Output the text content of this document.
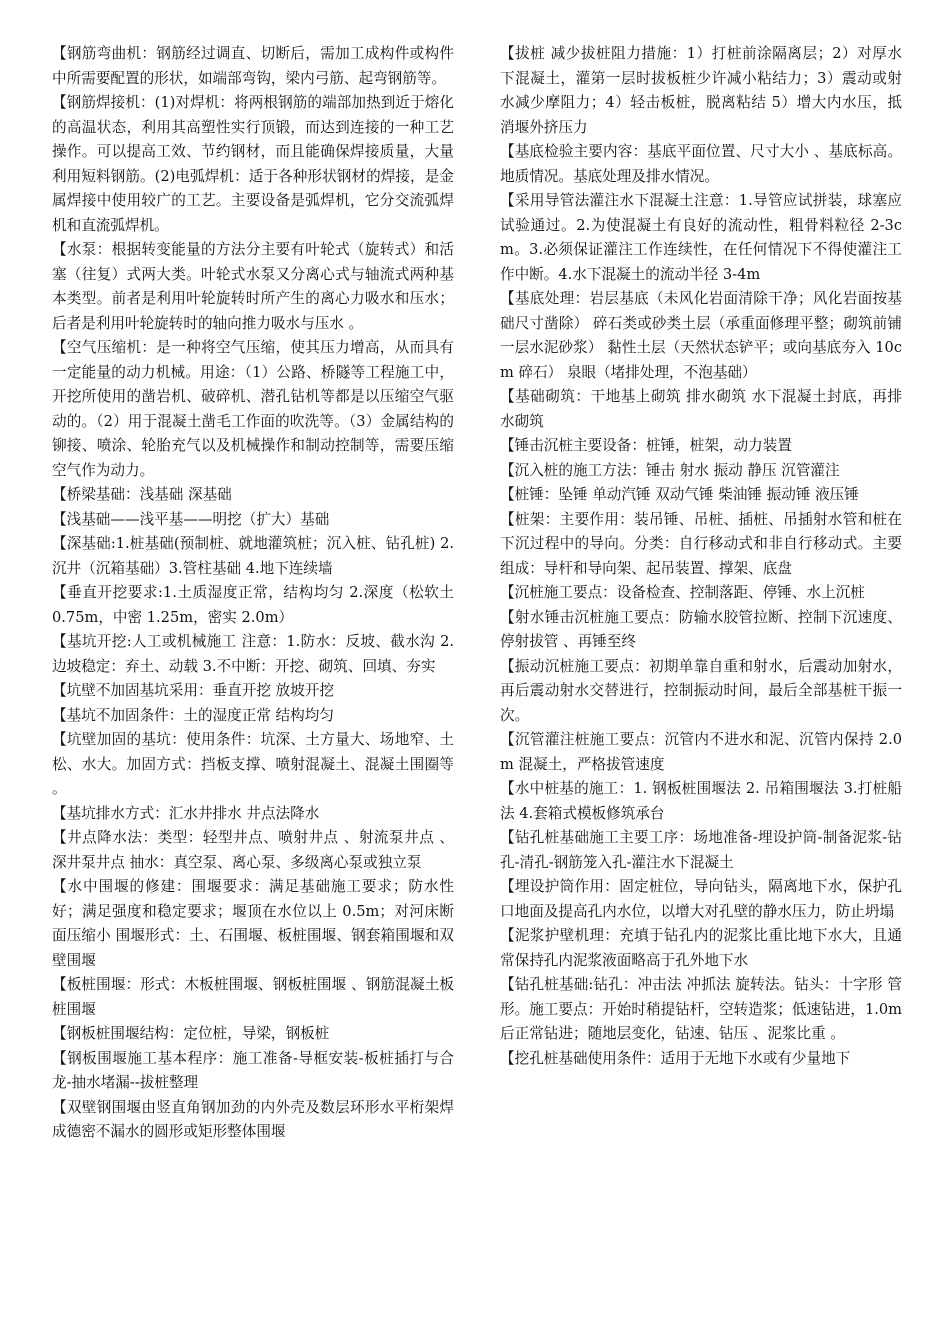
【钢筋弯曲机：钢筋经过调直、切断后，需加工成构件或构件中所需要配置的形状，如端部弯钩，梁内弓筋、起弯钢筋等。

【钢筋焊接机：(1)对焊机：将两根钢筋的端部加热到近于熔化的高温状态，利用其高塑性实行顶锻，而达到连接的一种工艺操作。可以提高工效、节约钢材，而且能确保焊接质量，大量利用短料钢筋。(2)电弧焊机：适于各种形状钢材的焊接，是金属焊接中使用较广的工艺。主要设备是弧焊机，它分交流弧焊机和直流弧焊机。

【水泵：根据转变能量的方法分主要有叶轮式（旋转式）和活塞（往复）式两大类。叶轮式水泵又分离心式与轴流式两种基本类型。前者是利用叶轮旋转时所产生的离心力吸水和压水；后者是利用叶轮旋转时的轴向推力吸水与压水 。

【空气压缩机：是一种将空气压缩，使其压力增高，从而具有一定能量的动力机械。用途：（1）公路、桥隧等工程施工中，开挖所使用的凿岩机、破碎机、潜孔钻机等都是以压缩空气驱动的。（2）用于混凝土凿毛工作面的吹洗等。（3）金属结构的铆接、喷涂、轮胎充气以及机械操作和制动控制等，需要压缩空气作为动力。

【桥梁基础：浅基础 深基础

【浅基础——浅平基——明挖（扩大）基础

【深基础:1.桩基础(预制桩、就地灌筑桩；沉入桩、钻孔桩) 2.沉井（沉箱基础）3.管柱基础 4.地下连续墙

【垂直开挖要求:1.土质湿度正常，结构均匀 2.深度（松软土 0.75m，中密 1.25m，密实 2.0m）

【基坑开挖:人工或机械施工 注意：1.防水：反坡、截水沟 2.边坡稳定：弃土、动载 3.不中断：开挖、砌筑、回填、夯实

【坑壁不加固基坑采用：垂直开挖 放坡开挖

【基坑不加固条件：土的湿度正常 结构均匀

【坑壁加固的基坑：使用条件：坑深、土方量大、场地窄、土松、水大。加固方式：挡板支撑、喷射混凝土、混凝土围圈等 。

【基坑排水方式：汇水井排水 井点法降水

【井点降水法：类型：轻型井点、喷射井点 、射流泵井点 、深井泵井点 抽水：真空泵、离心泵、多级离心泵或独立泵

【水中围堰的修建：围堰要求：满足基础施工要求；防水性好；满足强度和稳定要求；堰顶在水位以上 0.5m；对河床断面压缩小 围堰形式：土、石围堰、板桩围堰、钢套箱围堰和双壁围堰

【板桩围堰：形式：木板桩围堰、钢板桩围堰 、钢筋混凝土板桩围堰

【钢板桩围堰结构：定位桩，导梁，钢板桩

【钢板围堰施工基本程序：施工准备-导框安装-板桩插打与合龙-抽水堵漏--拔桩整理

【双壁钢围堰由竖直角钢加劲的内外壳及数层环形水平桁架焊成德密不漏水的圆形或矩形整体围堰

【拔桩 减少拔桩阻力措施：1）打桩前涂隔离层；2）对厚水下混凝土，灌第一层时拔板桩少许减小粘结力；3）震动或射水减少摩阻力；4）轻击板桩，脱离粘结 5）增大内水压，抵消堰外挤压力

【基底检验主要内容：基底平面位置、尺寸大小 、基底标高。地质情况。基底处理及排水情况。

【采用导管法灌注水下混凝土注意：1.导管应试拼装，球塞应试验通过。2.为使混凝土有良好的流动性，粗骨料粒径 2-3cm。3.必须保证灌注工作连续性，在任何情况下不得使灌注工作中断。4.水下混凝土的流动半径 3-4m

【基底处理：岩层基底（未风化岩面清除干净；风化岩面按基础尺寸凿除） 碎石类或砂类土层（承重面修理平整；砌筑前铺一层水泥砂浆） 黏性土层（天然状态铲平；或向基底夯入 10cm 碎石） 泉眼（堵排处理，不泡基础）

【基础砌筑：干地基上砌筑 排水砌筑 水下混凝土封底，再排水砌筑

【锤击沉桩主要设备：桩锤，桩架，动力装置

【沉入桩的施工方法：锤击 射水 振动 静压 沉管灌注

【桩锤：坠锤 单动汽锤 双动气锤 柴油锤 振动锤 液压锤

【桩架：主要作用：装吊锤、吊桩、插桩、吊插射水管和桩在下沉过程中的导向。分类：自行移动式和非自行移动式。主要组成：导杆和导向架、起吊装置、撑架、底盘

【沉桩施工要点：设备检查、控制落距、停锤、水上沉桩

【射水锤击沉桩施工要点：防输水胶管拉断、控制下沉速度、停射拔管 、再锤至终

【振动沉桩施工要点：初期单靠自重和射水，后震动加射水，再后震动射水交替进行，控制振动时间，最后全部基桩干振一次。

【沉管灌注桩施工要点：沉管内不进水和泥、沉管内保持 2.0m 混凝土，严格拔管速度

【水中桩基的施工：1. 钢板桩围堰法 2. 吊箱围堰法 3.打桩船法 4.套箱式模板修筑承台

【钻孔桩基础施工主要工序：场地准备-埋设护筒-制备泥浆-钻孔-清孔-钢筋笼入孔-灌注水下混凝土

【埋设护筒作用：固定桩位，导向钻头，隔离地下水，保护孔口地面及提高孔内水位，以增大对孔壁的静水压力，防止坍塌

【泥浆护壁机理：充填于钻孔内的泥浆比重比地下水大，且通常保持孔内泥浆液面略高于孔外地下水

【钻孔桩基础:钻孔：冲击法 冲抓法 旋转法。钻头：十字形 管形。施工要点：开始时稍提钻杆，空转造浆；低速钻进，1.0m 后正常钻进；随地层变化，钻速、钻压 、泥浆比重 。

【挖孔桩基础使用条件：适用于无地下水或有少量地下
